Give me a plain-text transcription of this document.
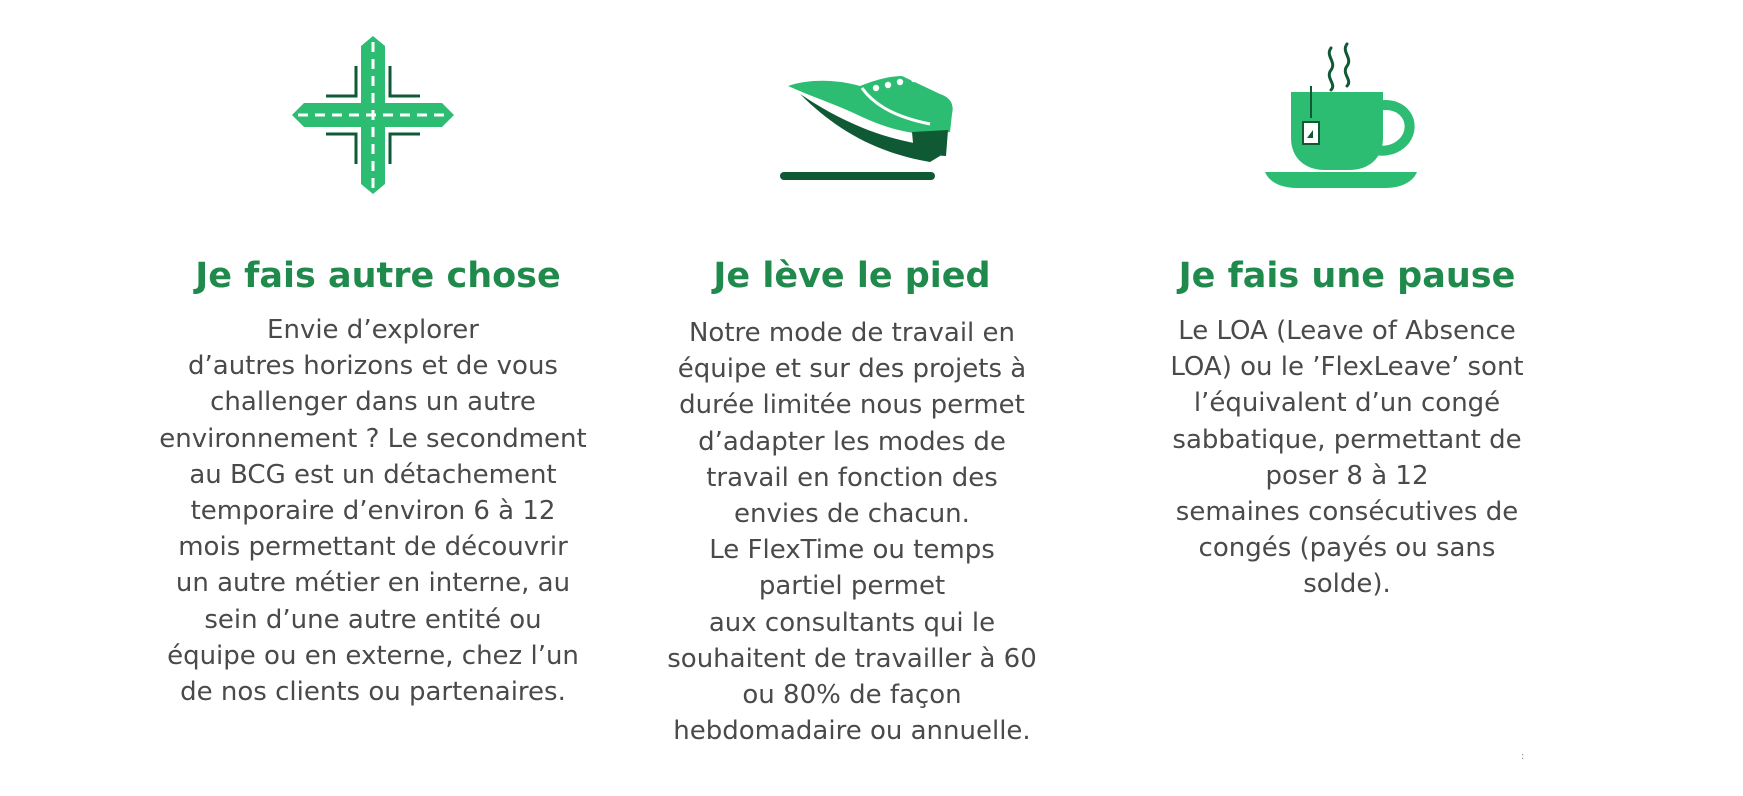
Je fais autre chose
Envie d’explorer
d’autres horizons et de vous
challenger dans un autre
environnement ? Le secondment
au BCG est un détachement
temporaire d’environ 6 à 12
mois permettant de découvrir
un autre métier en interne, au
sein d’une autre entité ou
équipe ou en externe, chez l’un
de nos clients ou partenaires.
Je lève le pied
Notre mode de travail en
équipe et sur des projets à
durée limitée nous permet
d’adapter les modes de
travail en fonction des
envies de chacun.
Le FlexTime ou temps
partiel permet
aux consultants qui le
souhaitent de travailler à 60
ou 80% de façon
hebdomadaire ou annuelle.
Je fais une pause
Le LOA (Leave of Absence
LOA) ou le ’FlexLeave’ sont
l’équivalent d’un congé
sabbatique, permettant de
poser 8 à 12
semaines consécutives de
congés (payés ou sans
solde).
:
